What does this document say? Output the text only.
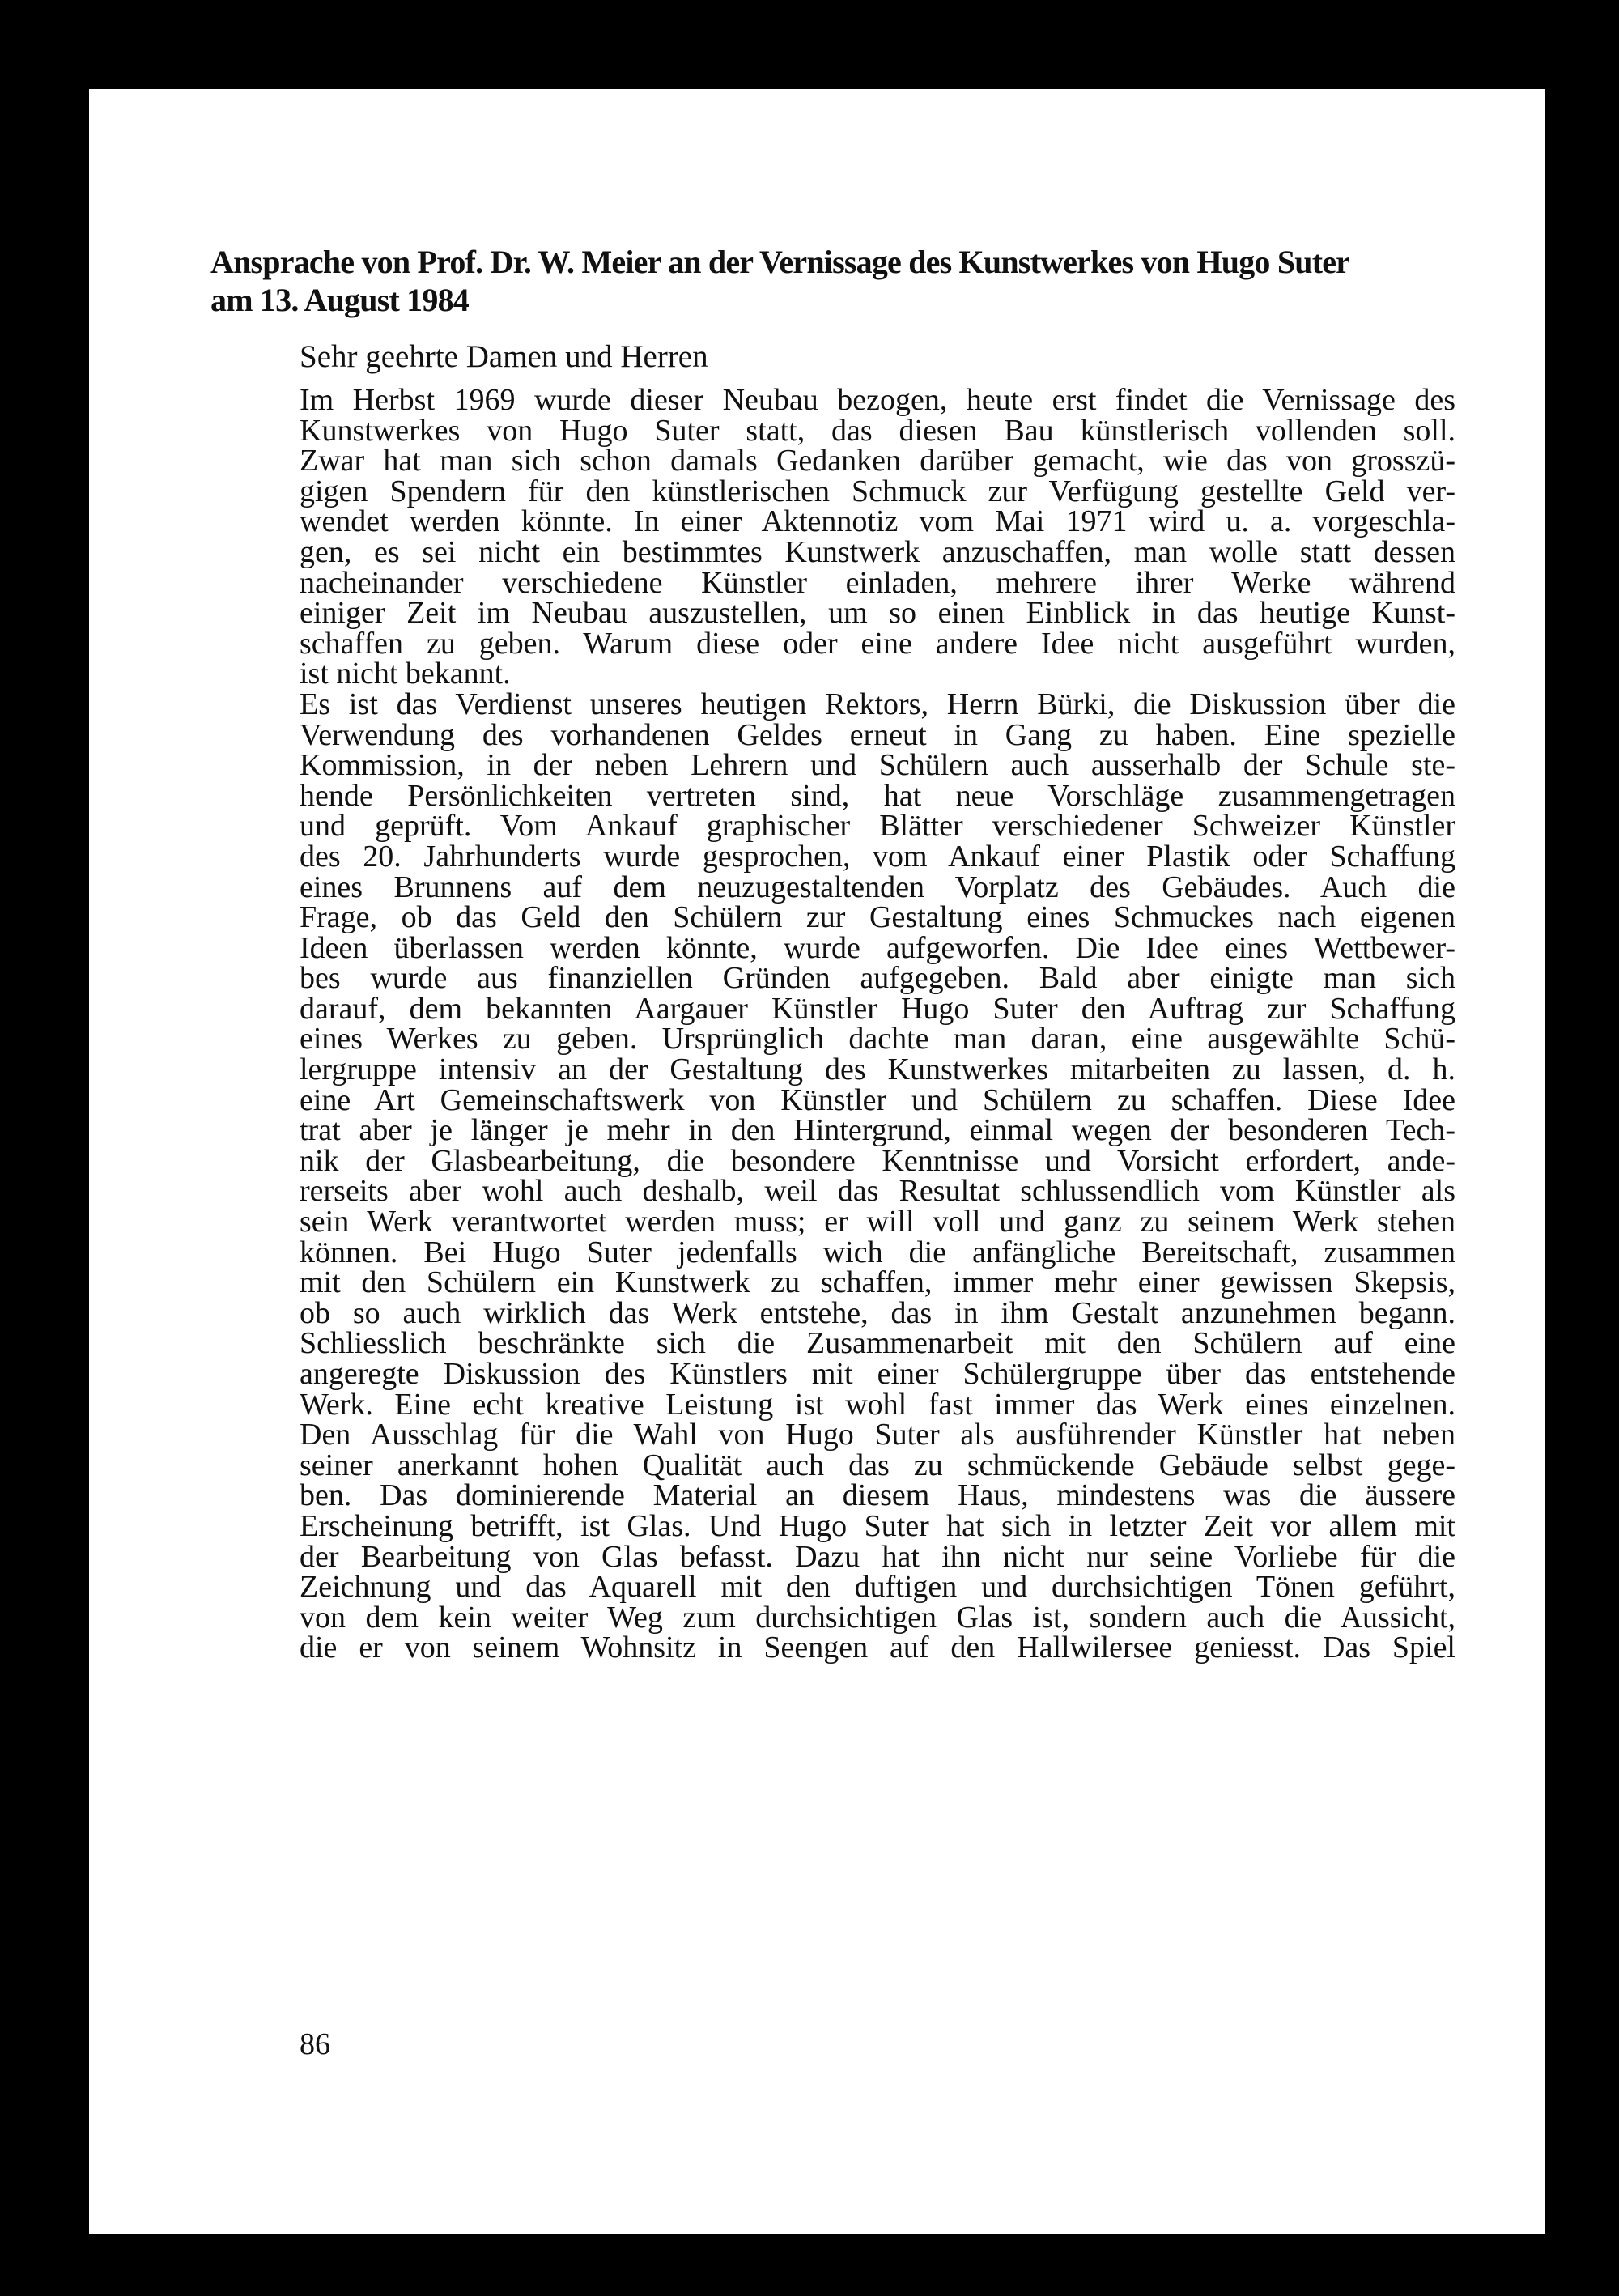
Ansprache von Prof. Dr. W. Meier an der Vernissage des Kunstwerkes von Hugo Suter
am 13. August 1984

Sehr geehrte Damen und Herren

Im Herbst 1969 wurde dieser Neubau bezogen, heute erst findet die Vernissage des
Kunstwerkes von Hugo Suter statt, das diesen Bau künstlerisch vollenden soll.
Zwar hat man sich schon damals Gedanken darüber gemacht, wie das von grosszü-
gigen Spendern für den künstlerischen Schmuck zur Verfügung gestellte Geld ver-
wendet werden könnte. In einer Aktennotiz vom Mai 1971 wird u. a. vorgeschla-
gen, es sei nicht ein bestimmtes Kunstwerk anzuschaffen, man wolle statt dessen
nacheinander verschiedene Künstler einladen, mehrere ihrer Werke während
einiger Zeit im Neubau auszustellen, um so einen Einblick in das heutige Kunst-
schaffen zu geben. Warum diese oder eine andere Idee nicht ausgeführt wurden,
ist nicht bekannt.
Es ist das Verdienst unseres heutigen Rektors, Herrn Bürki, die Diskussion über die
Verwendung des vorhandenen Geldes erneut in Gang zu haben. Eine spezielle
Kommission, in der neben Lehrern und Schülern auch ausserhalb der Schule ste-
hende Persönlichkeiten vertreten sind, hat neue Vorschläge zusammengetragen
und geprüft. Vom Ankauf graphischer Blätter verschiedener Schweizer Künstler
des 20. Jahrhunderts wurde gesprochen, vom Ankauf einer Plastik oder Schaffung
eines Brunnens auf dem neuzugestaltenden Vorplatz des Gebäudes. Auch die
Frage, ob das Geld den Schülern zur Gestaltung eines Schmuckes nach eigenen
Ideen überlassen werden könnte, wurde aufgeworfen. Die Idee eines Wettbewer-
bes wurde aus finanziellen Gründen aufgegeben. Bald aber einigte man sich
darauf, dem bekannten Aargauer Künstler Hugo Suter den Auftrag zur Schaffung
eines Werkes zu geben. Ursprünglich dachte man daran, eine ausgewählte Schü-
lergruppe intensiv an der Gestaltung des Kunstwerkes mitarbeiten zu lassen, d. h.
eine Art Gemeinschaftswerk von Künstler und Schülern zu schaffen. Diese Idee
trat aber je länger je mehr in den Hintergrund, einmal wegen der besonderen Tech-
nik der Glasbearbeitung, die besondere Kenntnisse und Vorsicht erfordert, ande-
rerseits aber wohl auch deshalb, weil das Resultat schlussendlich vom Künstler als
sein Werk verantwortet werden muss; er will voll und ganz zu seinem Werk stehen
können. Bei Hugo Suter jedenfalls wich die anfängliche Bereitschaft, zusammen
mit den Schülern ein Kunstwerk zu schaffen, immer mehr einer gewissen Skepsis,
ob so auch wirklich das Werk entstehe, das in ihm Gestalt anzunehmen begann.
Schliesslich beschränkte sich die Zusammenarbeit mit den Schülern auf eine
angeregte Diskussion des Künstlers mit einer Schülergruppe über das entstehende
Werk. Eine echt kreative Leistung ist wohl fast immer das Werk eines einzelnen.
Den Ausschlag für die Wahl von Hugo Suter als ausführender Künstler hat neben
seiner anerkannt hohen Qualität auch das zu schmückende Gebäude selbst gege-
ben. Das dominierende Material an diesem Haus, mindestens was die äussere
Erscheinung betrifft, ist Glas. Und Hugo Suter hat sich in letzter Zeit vor allem mit
der Bearbeitung von Glas befasst. Dazu hat ihn nicht nur seine Vorliebe für die
Zeichnung und das Aquarell mit den duftigen und durchsichtigen Tönen geführt,
von dem kein weiter Weg zum durchsichtigen Glas ist, sondern auch die Aussicht,
die er von seinem Wohnsitz in Seengen auf den Hallwilersee geniesst. Das Spiel
86
